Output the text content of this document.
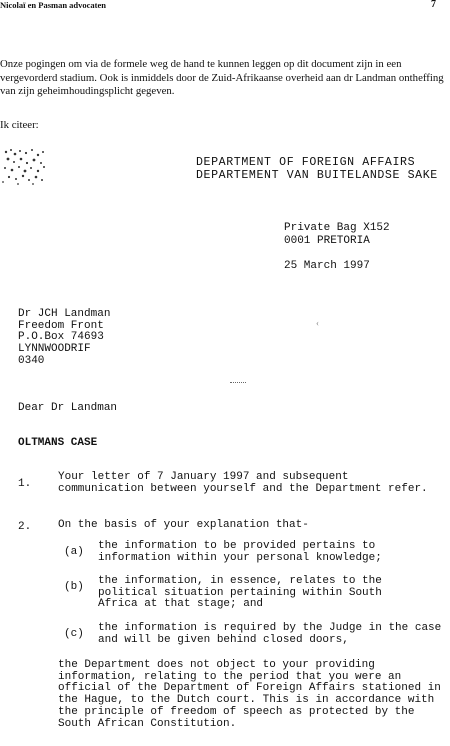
Nicolaï en Pasman advocaten	7
Onze pogingen om via de formele weg de hand te kunnen leggen op dit document zijn in een vergevorderd stadium. Ook is inmiddels door de Zuid-Afrikaanse overheid aan dr Landman ontheffing van zijn geheimhoudingsplicht gegeven.
Ik citeer:
DEPARTMENT OF FOREIGN AFFAIRS
DEPARTEMENT VAN BUITELANDSE SAKE
Private Bag X152
0001 PRETORIA
25 March 1997
‹
Dr JCH Landman
Freedom Front
P.O.Box 74693
LYNNWOODRIF
0340
Dear Dr Landman
OLTMANS CASE
1.
Your letter of 7 January 1997 and subsequent communication between yourself and the Department refer.
2. On the basis of your explanation that-
(a) the information to be provided pertains to information within your personal knowledge;
(b) the information, in essence, relates to the political situation pertaining within South Africa at that stage; and
(c) the information is required by the Judge in the case and will be given behind closed doors,
the Department does not object to your providing information, relating to the period that you were an official of the Department of Foreign Affairs stationed in the Hague, to the Dutch court. This is in accordance with the principle of freedom of speech as protected by the South African Constitution.
